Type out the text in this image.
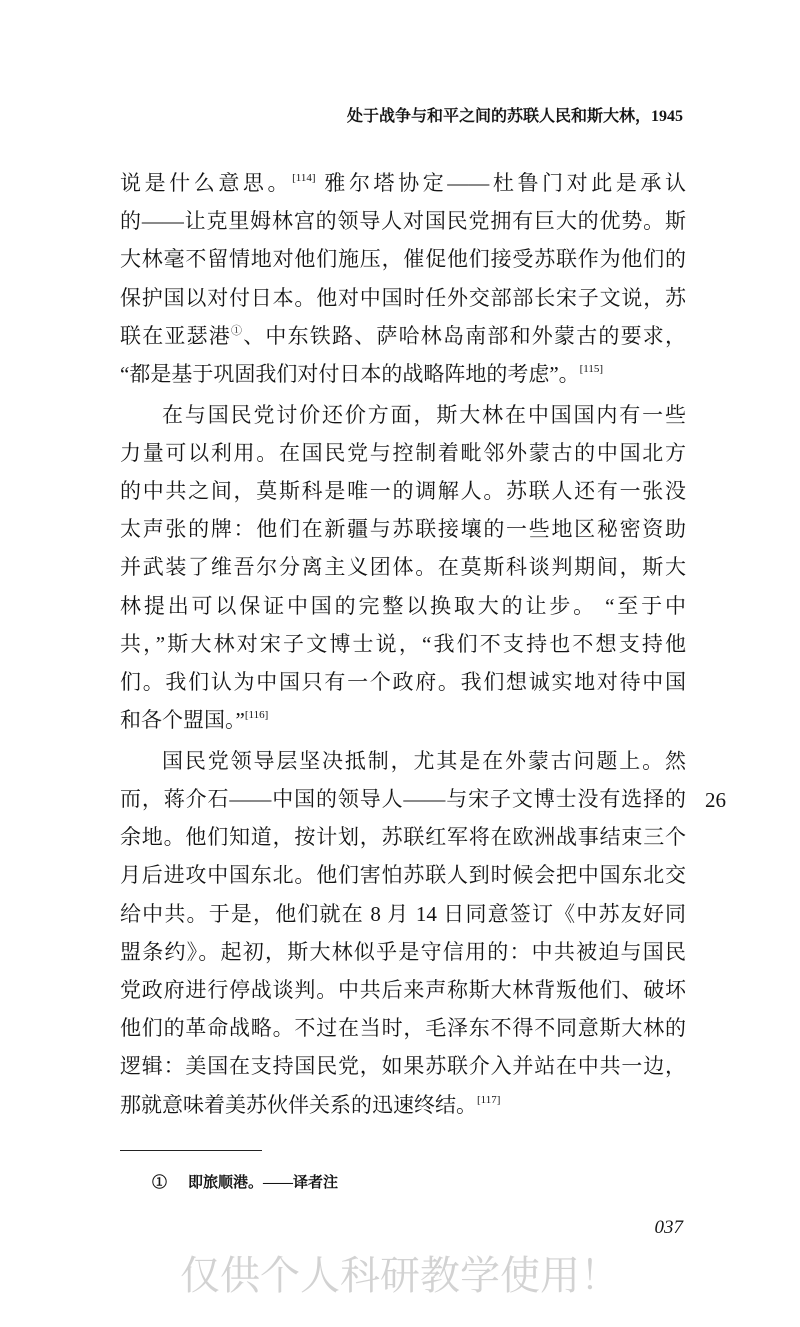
处于战争与和平之间的苏联人民和斯大林，1945
说是什么意思。[114] 雅尔塔协定——杜鲁门对此是承认
的——让克里姆林宫的领导人对国民党拥有巨大的优势。斯
大林毫不留情地对他们施压，催促他们接受苏联作为他们的
保护国以对付日本。他对中国时任外交部部长宋子文说，苏
联在亚瑟港①、中东铁路、萨哈林岛南部和外蒙古的要求，
“都是基于巩固我们对付日本的战略阵地的考虑”。[115]
在与国民党讨价还价方面，斯大林在中国国内有一些
力量可以利用。在国民党与控制着毗邻外蒙古的中国北方
的中共之间，莫斯科是唯一的调解人。苏联人还有一张没
太声张的牌：他们在新疆与苏联接壤的一些地区秘密资助
并武装了维吾尔分离主义团体。在莫斯科谈判期间，斯大
林提出可以保证中国的完整以换取大的让步。 “至于中
共，”斯大林对宋子文博士说，“我们不支持也不想支持他
们。我们认为中国只有一个政府。我们想诚实地对待中国
和各个盟国。”[116]
国民党领导层坚决抵制，尤其是在外蒙古问题上。然
而，蒋介石——中国的领导人——与宋子文博士没有选择的
余地。他们知道，按计划，苏联红军将在欧洲战事结束三个
月后进攻中国东北。他们害怕苏联人到时候会把中国东北交
给中共。于是，他们就在 8 月 14 日同意签订《中苏友好同
盟条约》。起初，斯大林似乎是守信用的：中共被迫与国民
党政府进行停战谈判。中共后来声称斯大林背叛他们、破坏
他们的革命战略。不过在当时，毛泽东不得不同意斯大林的
逻辑：美国在支持国民党，如果苏联介入并站在中共一边，
那就意味着美苏伙伴关系的迅速终结。[117]
26
① 即旅顺港。——译者注
037
仅供个人科研教学使用！
